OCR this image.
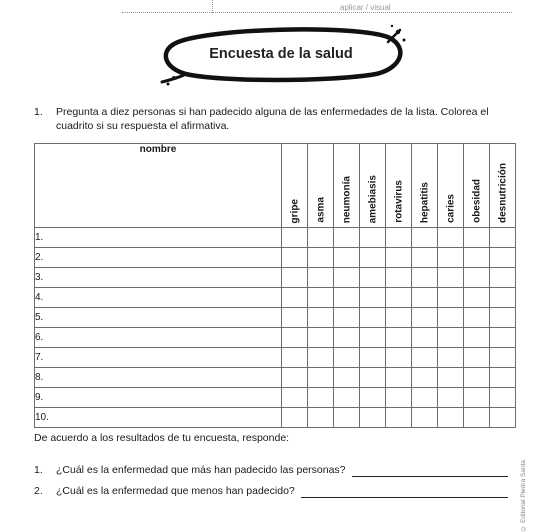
aplicar / visual
Encuesta de la salud
1. Pregunta a diez personas si han padecido alguna de las enfermedades de la lista. Colorea el cuadrito si su respuesta el afirmativa.
nombre	gripe	asma	neumonía	amebiasis	rotavirus	hepatitis	caries	obesidad	desnutrición

1.									
2.									
3.									
4.									
5.									
6.									
7.									
8.									
9.									
10.									
De acuerdo a los resultados de tu encuesta, responde:
1. ¿Cuál es la enfermedad que más han padecido las personas?
2. ¿Cuál es la enfermedad que menos han padecido?	© Editorial Piedra Santa
